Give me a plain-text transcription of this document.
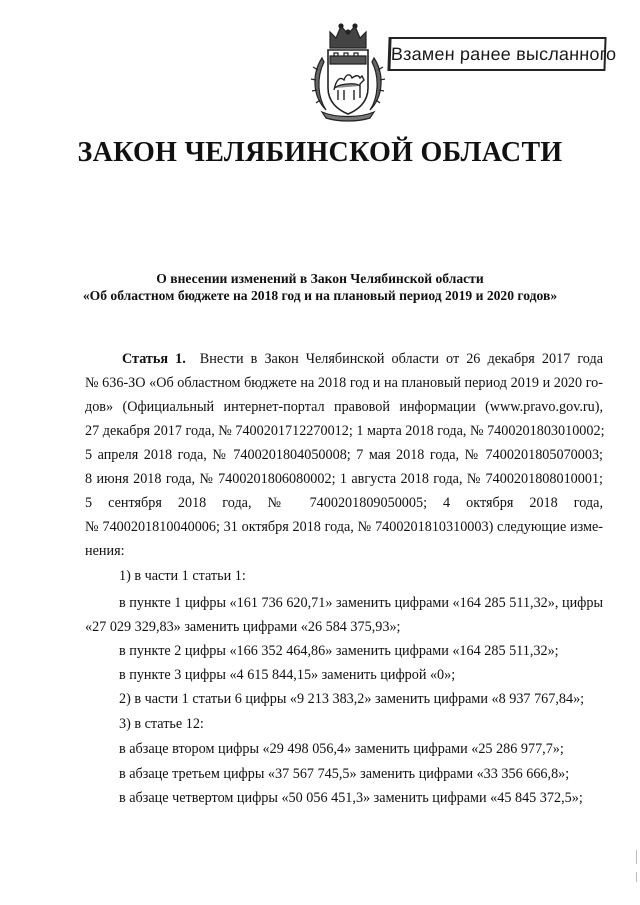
Взамен ранее высланного
ЗАКОН ЧЕЛЯБИНСКОЙ ОБЛАСТИ
О внесении изменений в Закон Челябинской области
«Об областном бюджете на 2018 год и на плановый период 2019 и 2020 годов»
Статья 1. Внести в Закон Челябинской области от 26 декабря 2017 года
№ 636-ЗО «Об областном бюджете на 2018 год и на плановый период 2019 и 2020 го-
дов» (Официальный интернет-портал правовой информации (www.pravo.gov.ru),
27 декабря 2017 года, № 7400201712270012; 1 марта 2018 года, № 7400201803010002;
5 апреля 2018 года, № 7400201804050008; 7 мая 2018 года, № 7400201805070003;
8 июня 2018 года, № 7400201806080002; 1 августа 2018 года, № 7400201808010001;
5 сентября 2018 года, № 7400201809050005; 4 октября 2018 года,
№ 7400201810040006; 31 октября 2018 года, № 7400201810310003) следующие изме-
нения:
1) в части 1 статьи 1:
в пункте 1 цифры «161 736 620,71» заменить цифрами «164 285 511,32», цифры
«27 029 329,83» заменить цифрами «26 584 375,93»;
в пункте 2 цифры «166 352 464,86» заменить цифрами «164 285 511,32»;
в пункте 3 цифры «4 615 844,15» заменить цифрой «0»;
2) в части 1 статьи 6 цифры «9 213 383,2» заменить цифрами «8 937 767,84»;
3) в статье 12:
в абзаце втором цифры «29 498 056,4» заменить цифрами «25 286 977,7»;
в абзаце третьем цифры «37 567 745,5» заменить цифрами «33 356 666,8»;
в абзаце четвертом цифры «50 056 451,3» заменить цифрами «45 845 372,5»;
